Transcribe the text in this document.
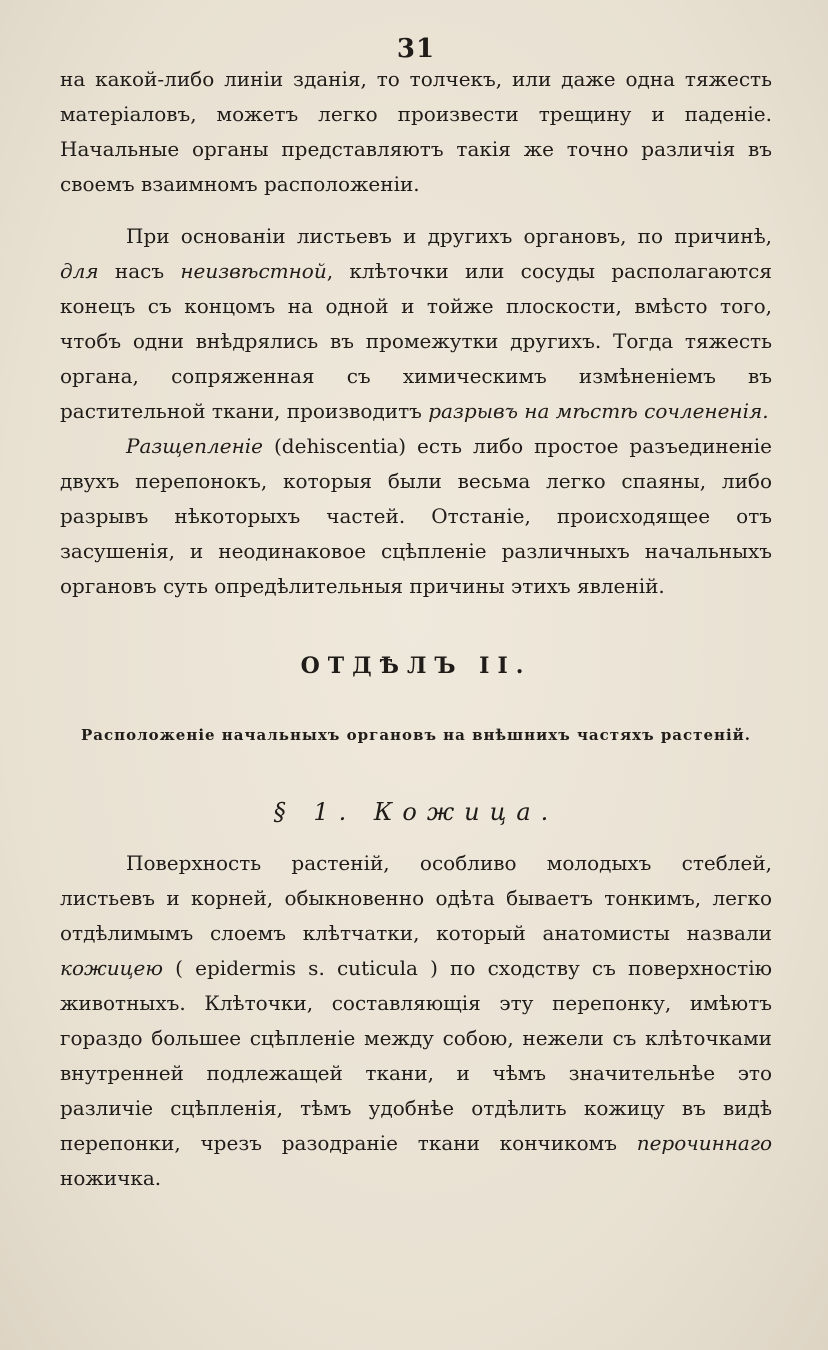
31

на какой-либо линіи зданія, то толчекъ, или даже одна тяжесть матеріаловъ, можетъ легко произвести трещину и паденіе. Начальные органы представляютъ такія же точно различія въ своемъ взаимномъ расположеніи.

При основаніи листьевъ и другихъ органовъ, по причинѣ, для насъ неизвѣстной, клѣточки или сосуды располагаются конецъ съ концомъ на одной и тойже плоскости, вмѣсто того, чтобъ одни внѣдрялись въ промежутки другихъ. Тогда тяжесть органа, сопряженная съ химическимъ измѣненіемъ въ растительной ткани, производитъ разрывъ на мѣстѣ сочлененія.

Разщепленіе (dehiscentia) есть либо простое разъединеніе двухъ перепонокъ, которыя были весьма легко спаяны, либо разрывъ нѣкоторыхъ частей. Отстаніе, происходящее отъ засушенія, и неодинаковое сцѣпленіе различныхъ начальныхъ органовъ суть опредѣлительныя причины этихъ явленій.

ОТДѢЛЪ II.
Расположеніе начальныхъ органовъ на внѣшнихъ частяхъ растеній.
§ 1. Кожица.

Поверхность растеній, особливо молодыхъ стеблей, листьевъ и корней, обыкновенно одѣта бываетъ тонкимъ, легко отдѣлимымъ слоемъ клѣтчатки, который анатомисты назвали кожицею ( epidermis s. cuticula ) по сходству съ поверхностію животныхъ. Клѣточки, составляющія эту перепонку, имѣютъ гораздо большее сцѣпленіе между собою, нежели съ клѣточками внутренней подлежащей ткани, и чѣмъ значительнѣе это различіе сцѣпленія, тѣмъ удобнѣе отдѣлить кожицу въ видѣ перепонки, чрезъ разодраніе ткани кончикомъ перочиннаго ножичка.
